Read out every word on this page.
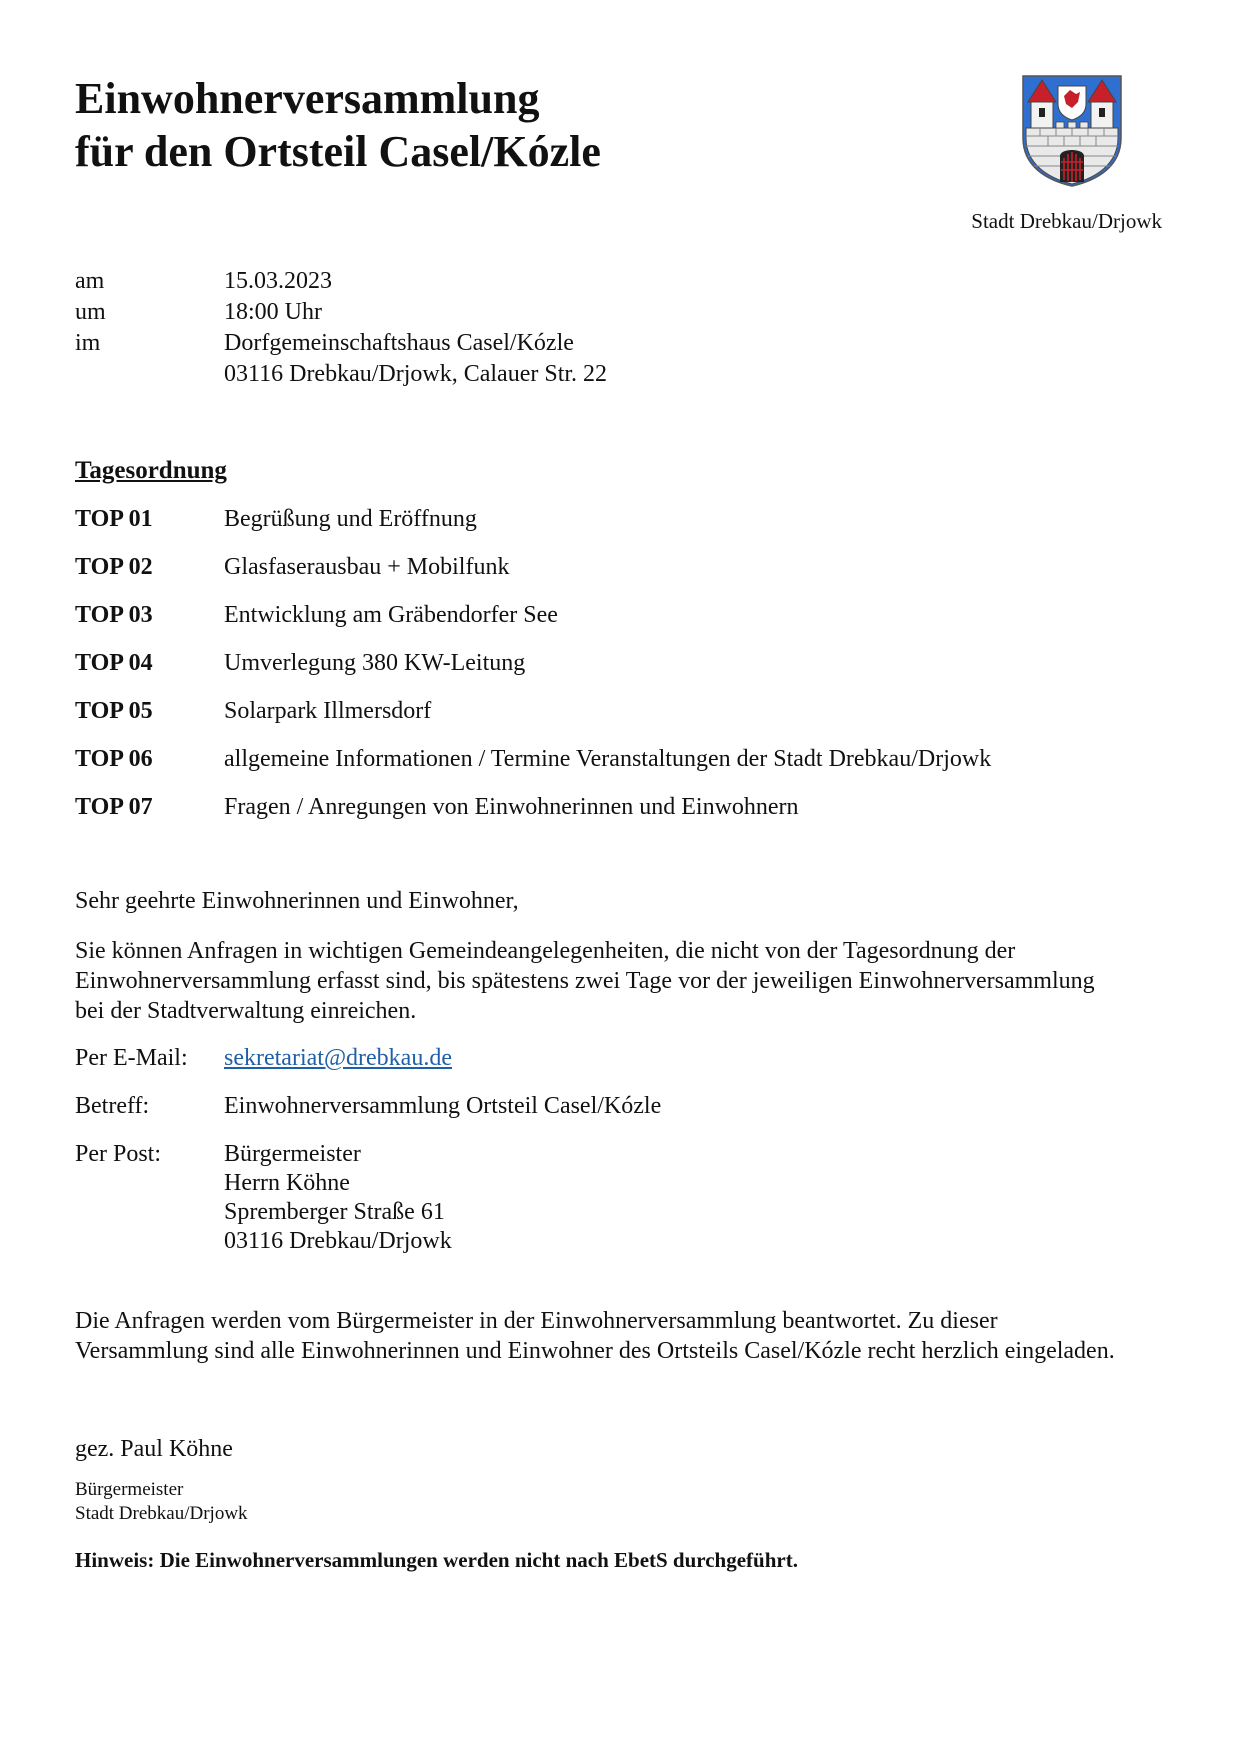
Einwohnerversammlung
für den Ortsteil Casel/Kózle
Stadt Drebkau/Drjowk
am	15.03.2023
um	18:00 Uhr
im	Dorfgemeinschaftshaus Casel/Kózle
03116 Drebkau/Drjowk, Calauer Str. 22
Tagesordnung
TOP 01	Begrüßung und Eröffnung
TOP 02	Glasfaserausbau + Mobilfunk
TOP 03	Entwicklung am Gräbendorfer See
TOP 04	Umverlegung 380 KW-Leitung
TOP 05	Solarpark Illmersdorf
TOP 06	allgemeine Informationen / Termine Veranstaltungen der Stadt Drebkau/Drjowk
TOP 07	Fragen / Anregungen von Einwohnerinnen und Einwohnern
Sehr geehrte Einwohnerinnen und Einwohner,
Sie können Anfragen in wichtigen Gemeindeangelegenheiten, die nicht von der Tagesordnung der
Einwohnerversammlung erfasst sind, bis spätestens zwei Tage vor der jeweiligen Einwohnerversammlung
bei der Stadtverwaltung einreichen.
Per E-Mail:	sekretariat@drebkau.de
Betreff:	Einwohnerversammlung Ortsteil Casel/Kózle
Per Post:	Bürgermeister
Herrn Köhne
Spremberger Straße 61
03116 Drebkau/Drjowk
Die Anfragen werden vom Bürgermeister in der Einwohnerversammlung beantwortet. Zu dieser
Versammlung sind alle Einwohnerinnen und Einwohner des Ortsteils Casel/Kózle recht herzlich eingeladen.
gez. Paul Köhne
Bürgermeister
Stadt Drebkau/Drjowk
Hinweis: Die Einwohnerversammlungen werden nicht nach EbetS durchgeführt.
